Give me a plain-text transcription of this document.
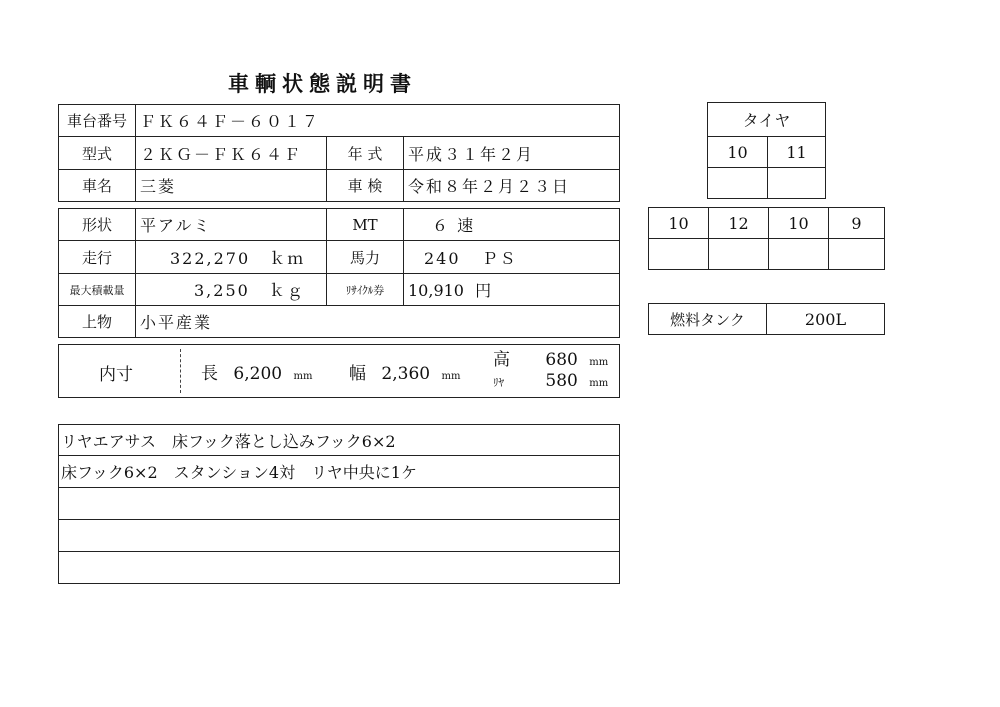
車輌状態説明書
車台番号	ＦＫ６４Ｆ－６０１７		
型式	２ＫＧ－ＦＫ６４Ｆ	年 式	平成３１年２月
車名	三菱	車 検	令和８年２月２３日
形状	平アルミ	MT	６ 速
走行	322,270 ｋｍ	馬力	240 ＰＳ
最大積載量	3,250 ｋｇ	ﾘｻｲｸﾙ券	10,910 円
上物	小平産業		
内寸	長 6,200 mm 幅 2,360 mm
高 680 mm
ﾘﾔ 580 mm
リヤエアサス　床フック落とし込みフック6×2
床フック6×2　スタンション4対　リヤ中央に1ケ

タイヤ	
10	11

10	12	10	9

燃料タンク	200L
